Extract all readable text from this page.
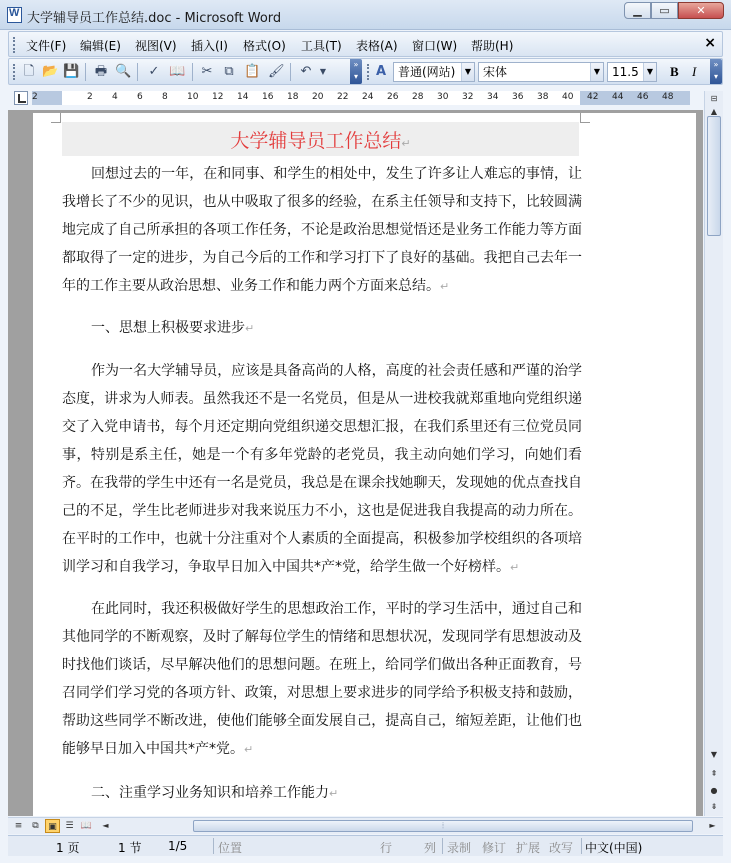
W
大学辅导员工作总结.doc - Microsoft Word
▁	▭	✕
文件(F) 编辑(E) 视图(V) 插入(I) 格式(O) 工具(T) 表格(A) 窗口(W) 帮助(H)	×
🗋 📂 💾 🖶 🔍 ✓ 📖 ✂ ⧉ 📋 🖌 ↶	▼
»
▾	A 普通(网站)	▼ 宋体	▼ 11.5	▼ B I	»
▾
2	2 4 6 8 10 12 14 16 18 20 22 24 26 28 30 32 34 36 38 40 42 44 46 48
大学辅导员工作总结↵
回想过去的一年，在和同事、和学生的相处中，发生了许多让人难忘的事情，让我增长了不少的见识，也从中吸取了很多的经验，在系主任领导和支持下，比较圆满地完成了自己所承担的各项工作任务，不论是政治思想觉悟还是业务工作能力等方面都取得了一定的进步，为自己今后的工作和学习打下了良好的基础。我把自己去年一年的工作主要从政治思想、业务工作和能力两个方面来总结。↵
一、思想上积极要求进步↵
作为一名大学辅导员，应该是具备高尚的人格，高度的社会责任感和严谨的治学态度，讲求为人师表。虽然我还不是一名党员，但是从一进校我就郑重地向党组织递交了入党申请书，每个月还定期向党组织递交思想汇报，在我们系里还有三位党员同事，特别是系主任，她是一个有多年党龄的老党员，我主动向她们学习，向她们看齐。在我带的学生中还有一名是党员，我总是在课余找她聊天，发现她的优点查找自己的不足，学生比老师进步对我来说压力不小，这也是促进我自我提高的动力所在。在平时的工作中，也就十分注重对个人素质的全面提高，积极参加学校组织的各项培训学习和自我学习，争取早日加入中国共*产*党，给学生做一个好榜样。↵
在此同时，我还积极做好学生的思想政治工作，平时的学习生活中，通过自己和其他同学的不断观察，及时了解每位学生的情绪和思想状况，发现同学有思想波动及时找他们谈话，尽早解决他们的思想问题。在班上，给同学们做出各种正面教育，号召同学们学习党的各项方针、政策，对思想上要求进步的同学给予积极支持和鼓励，帮助这些同学不断改进，使他们能够全面发展自己，提高自己，缩短差距，让他们也能够早日加入中国共*产*党。↵
二、注重学习业务知识和培养工作能力↵
⊟
▲
▼
⇞
●
⇟
≡	⧉	▣ ☰ 📖	◄	⦙	►
1 页	1 节 1/5	位置	行	列 录制 修订 扩展 改写 中文(中国)
